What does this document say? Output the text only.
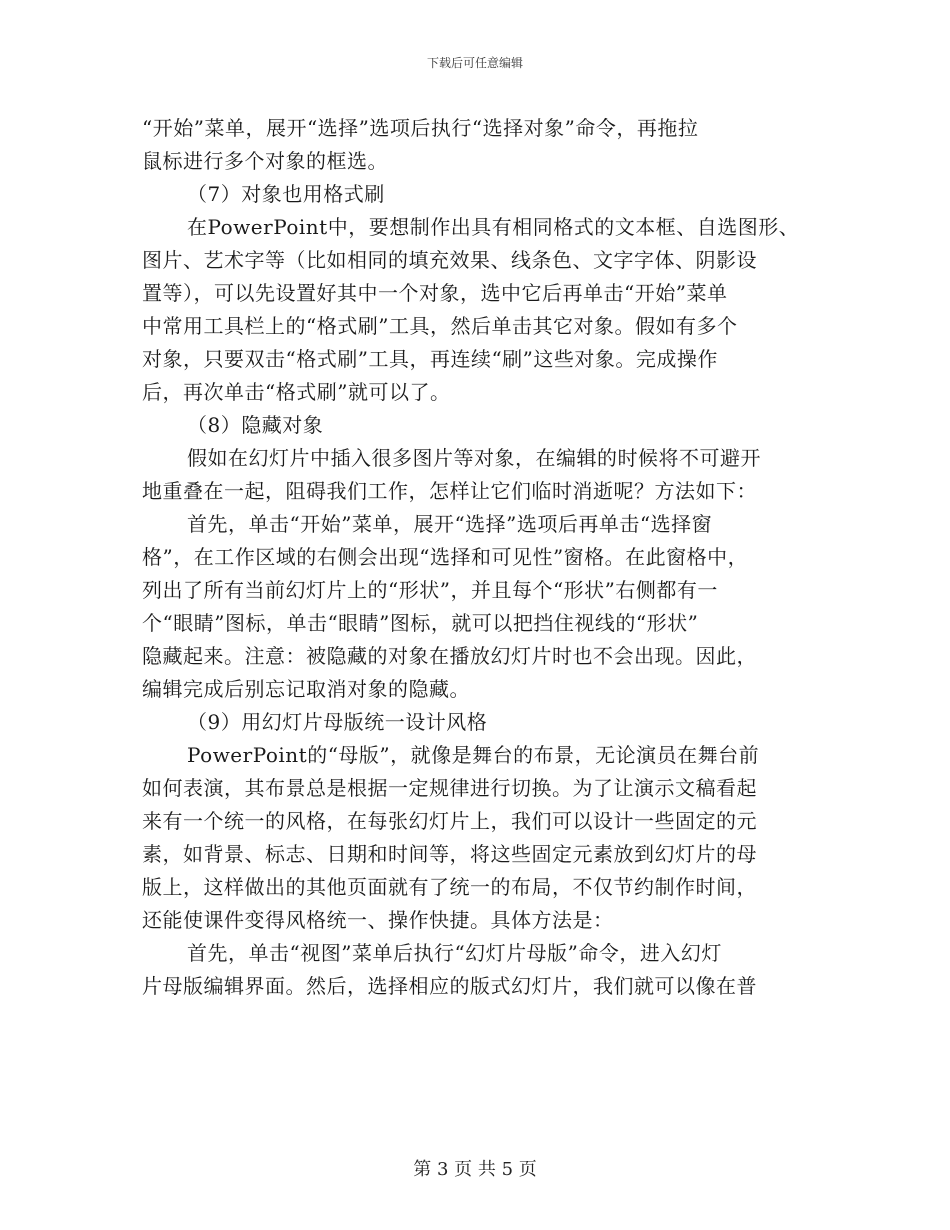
下载后可任意编辑
“开始”菜单，展开“选择”选项后执行“选择对象”命令，再拖拉
鼠标进行多个对象的框选。
（7）对象也用格式刷
在PowerPoint中，要想制作出具有相同格式的文本框、自选图形、
图片、艺术字等（比如相同的填充效果、线条色、文字字体、阴影设
置等），可以先设置好其中一个对象，选中它后再单击“开始”菜单
中常用工具栏上的“格式刷”工具，然后单击其它对象。假如有多个
对象，只要双击“格式刷”工具，再连续“刷”这些对象。完成操作
后，再次单击“格式刷”就可以了。
（8）隐藏对象
假如在幻灯片中插入很多图片等对象，在编辑的时候将不可避开
地重叠在一起，阻碍我们工作，怎样让它们临时消逝呢？方法如下：
首先，单击“开始”菜单，展开“选择”选项后再单击“选择窗
格”，在工作区域的右侧会出现“选择和可见性”窗格。在此窗格中，
列出了所有当前幻灯片上的“形状”，并且每个“形状”右侧都有一
个“眼睛”图标，单击“眼睛”图标，就可以把挡住视线的“形状”
隐藏起来。注意：被隐藏的对象在播放幻灯片时也不会出现。因此，
编辑完成后别忘记取消对象的隐藏。
（9）用幻灯片母版统一设计风格
PowerPoint的“母版”，就像是舞台的布景，无论演员在舞台前
如何表演，其布景总是根据一定规律进行切换。为了让演示文稿看起
来有一个统一的风格，在每张幻灯片上，我们可以设计一些固定的元
素，如背景、标志、日期和时间等，将这些固定元素放到幻灯片的母
版上，这样做出的其他页面就有了统一的布局，不仅节约制作时间，
还能使课件变得风格统一、操作快捷。具体方法是：
首先，单击“视图”菜单后执行“幻灯片母版”命令，进入幻灯
片母版编辑界面。然后，选择相应的版式幻灯片，我们就可以像在普
第 3 页 共 5 页
